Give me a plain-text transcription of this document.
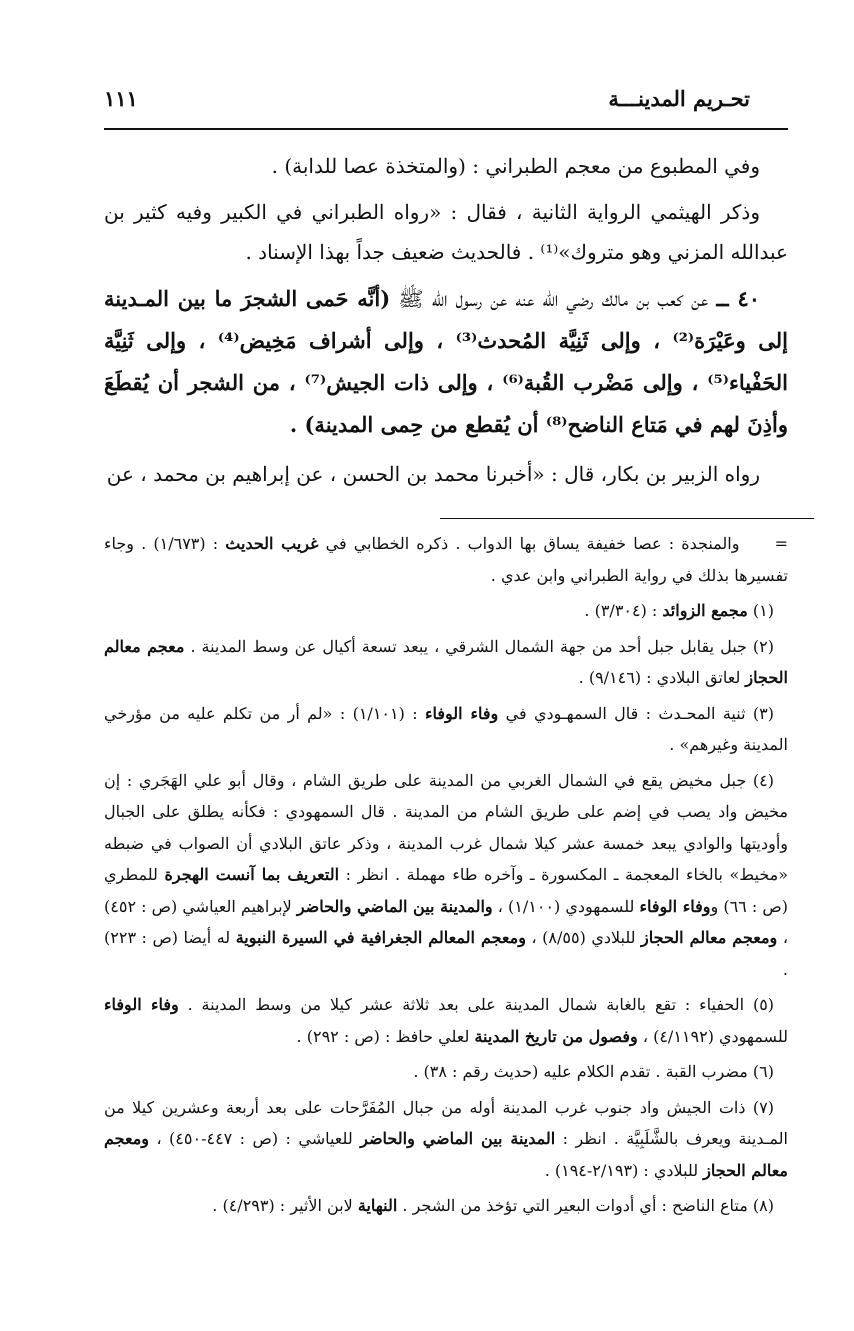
تحـريم المدينـــة
١١١

وفي المطبوع من معجم الطبراني : (والمتخذة عصا للدابة) .

وذكر الهيثمي الرواية الثانية ، فقال : «رواه الطبراني في الكبير وفيه كثير بن عبدالله المزني وهو متروك»⁽¹⁾ . فالحديث ضعيف جداً بهذا الإسناد .

٤٠ ــ عن كعب بن مالك رضي الله عنه عن رسول الله ﷺ (أنَّه حَمى الشجرَ ما بين المـدينة إلى وعَيْرَة⁽²⁾ ، وإلى ثَنِيَّة المُحدث⁽³⁾ ، وإلى أشراف مَخِيض⁽⁴⁾ ، وإلى ثَنِيَّة الحَفْياء⁽⁵⁾ ، وإلى مَضْرب القُبة⁽⁶⁾ ، وإلى ذات الجيش⁽⁷⁾ ، من الشجر أن يُقطَعَ وأذِنَ لهم في مَتاع الناضح⁽⁸⁾ أن يُقطع من حِمى المدينة) .

رواه الزبير بن بكار، قال : «أخبرنا محمد بن الحسن ، عن إبراهيم بن محمد ، عن

= والمنجدة : عصا خفيفة يساق بها الدواب . ذكره الخطابي في غريب الحديث : (١/٦٧٣) . وجاء تفسيرها بذلك في رواية الطبراني وابن عدي .

(١) مجمع الزوائد : (٣/٣٠٤) .

(٢) جبل يقابل جبل أحد من جهة الشمال الشرقي ، يبعد تسعة أكيال عن وسط المدينة . معجم معالم الحجاز لعاتق البلادي : (٩/١٤٦) .

(٣) ثنية المحـدث : قال السمهـودي في وفاء الوفاء : (١/١٠١) : «لم أر من تكلم عليه من مؤرخي المدينة وغيرهم» .

(٤) جبل مخيض يقع في الشمال الغربي من المدينة على طريق الشام ، وقال أبو علي الهَجَري : إن مخيض واد يصب في إضم على طريق الشام من المدينة . قال السمهودي : فكأنه يطلق على الجبال وأوديتها والوادي يبعد خمسة عشر كيلا شمال غرب المدينة ، وذكر عاتق البلادي أن الصواب في ضبطه «مخيط» بالخاء المعجمة ـ المكسورة ـ وآخره طاء مهملة . انظر : التعريف بما آنست الهجرة للمطري (ص : ٦٦) ووفاء الوفاء للسمهودي (١/١٠٠) ، والمدينة بين الماضي والحاضر لإبراهيم العياشي (ص : ٤٥٢) ، ومعجم معالم الحجاز للبلادي (٨/٥٥) ، ومعجم المعالم الجغرافية في السيرة النبوية له أيضا (ص : ٢٢٣) .

(٥) الحفياء : تقع بالغابة شمال المدينة على بعد ثلاثة عشر كيلا من وسط المدينة . وفاء الوفاء للسمهودي (٤/١١٩٢) ، وفصول من تاريخ المدينة لعلي حافظ : (ص : ٢٩٢) .

(٦) مضرب القبة . تقدم الكلام عليه (حديث رقم : ٣٨) .

(٧) ذات الجيش واد جنوب غرب المدينة أوله من جبال المُفَرَّحات على بعد أربعة وعشرين كيلا من المـدينة ويعرف بالشَّلَبِيَّة . انظر : المدينة بين الماضي والحاضر للعياشي : (ص : ٤٤٧-٤٥٠) ، ومعجم معالم الحجاز للبلادي : (٢/١٩٣-١٩٤) .

(٨) متاع الناضح : أي أدوات البعير التي تؤخذ من الشجر . النهاية لابن الأثير : (٤/٢٩٣) .
